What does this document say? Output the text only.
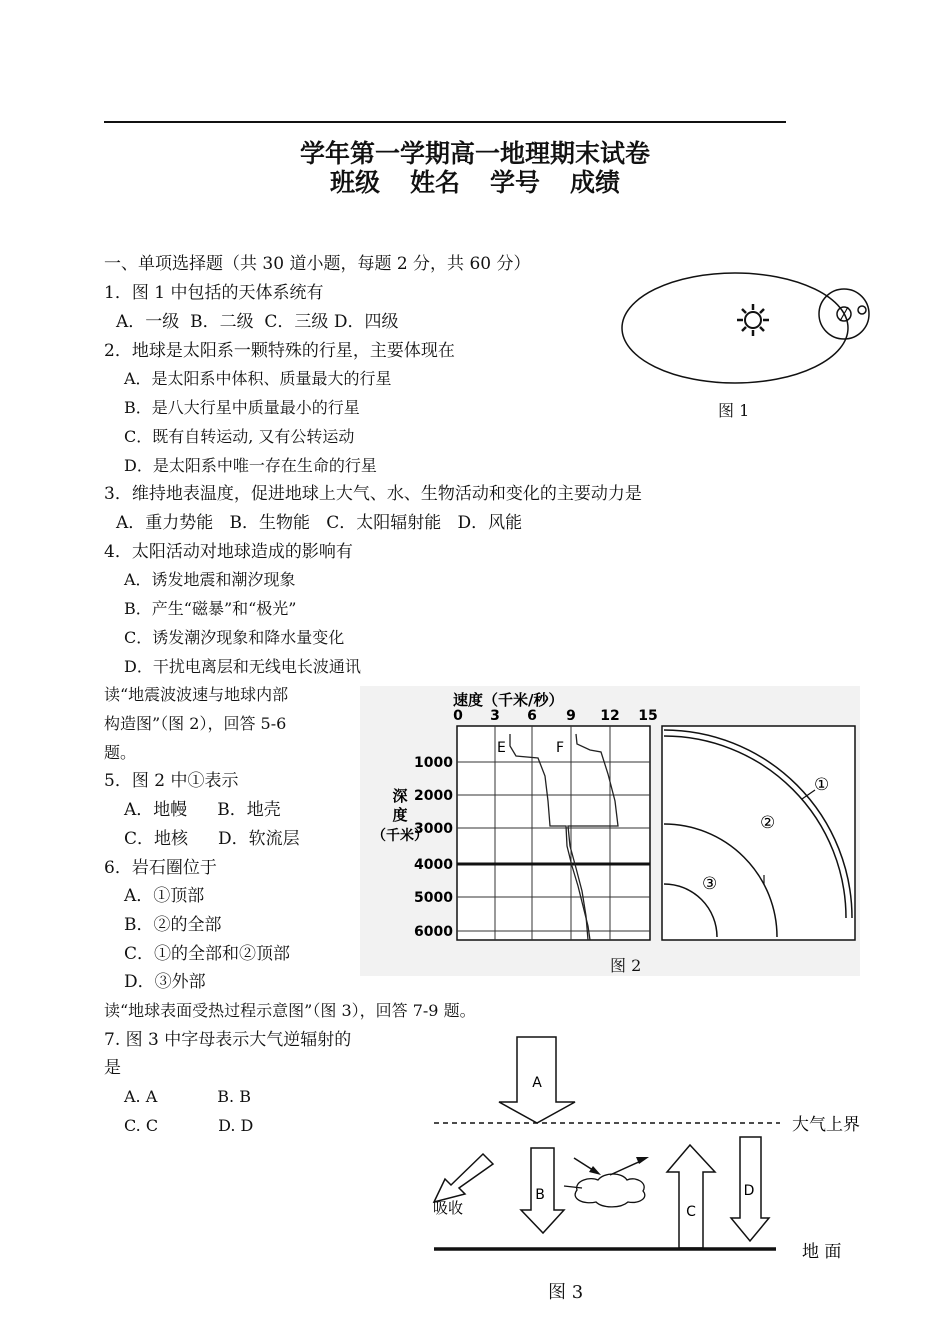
学年第一学期高一地理期末试卷
班级 姓名 学号 成绩
一、单项选择题（共 30 道小题，每题 2 分，共 60 分）
1．图 1 中包括的天体系统有
A．一级 B．二级 C．三级 D．四级
2．地球是太阳系一颗特殊的行星，主要体现在
A．是太阳系中体积、质量最大的行星
B．是八大行星中质量最小的行星
C．既有自转运动, 又有公转运动
D．是太阳系中唯一存在生命的行星
3．维持地表温度，促进地球上大气、水、生物活动和变化的主要动力是
A．重力势能 B．生物能 C．太阳辐射能 D．风能
4．太阳活动对地球造成的影响有
A．诱发地震和潮汐现象
B．产生“磁暴”和“极光”
C．诱发潮汐现象和降水量变化
D．干扰电离层和无线电长波通讯
读“地震波波速与地球内部
构造图”（图 2），回答 5-6
题。
5．图 2 中①表示
A．地幔 B．地壳
C．地核 D．软流层
6．岩石圈位于
A．①顶部
B．②的全部
C．①的全部和②顶部
D．③外部
读“地球表面受热过程示意图”（图 3），回答 7-9 题。
7. 图 3 中字母表示大气逆辐射的
是
A. A	B. B
C. C	D. D
图 1
速度（千米/秒）
0 3 6 9 12 15
1000
2000
3000
4000
5000
6000
深
度
（千米）
E	F
①
②
③
图 2
A
大气上界
吸收
B
C
D
地 面
图 3
